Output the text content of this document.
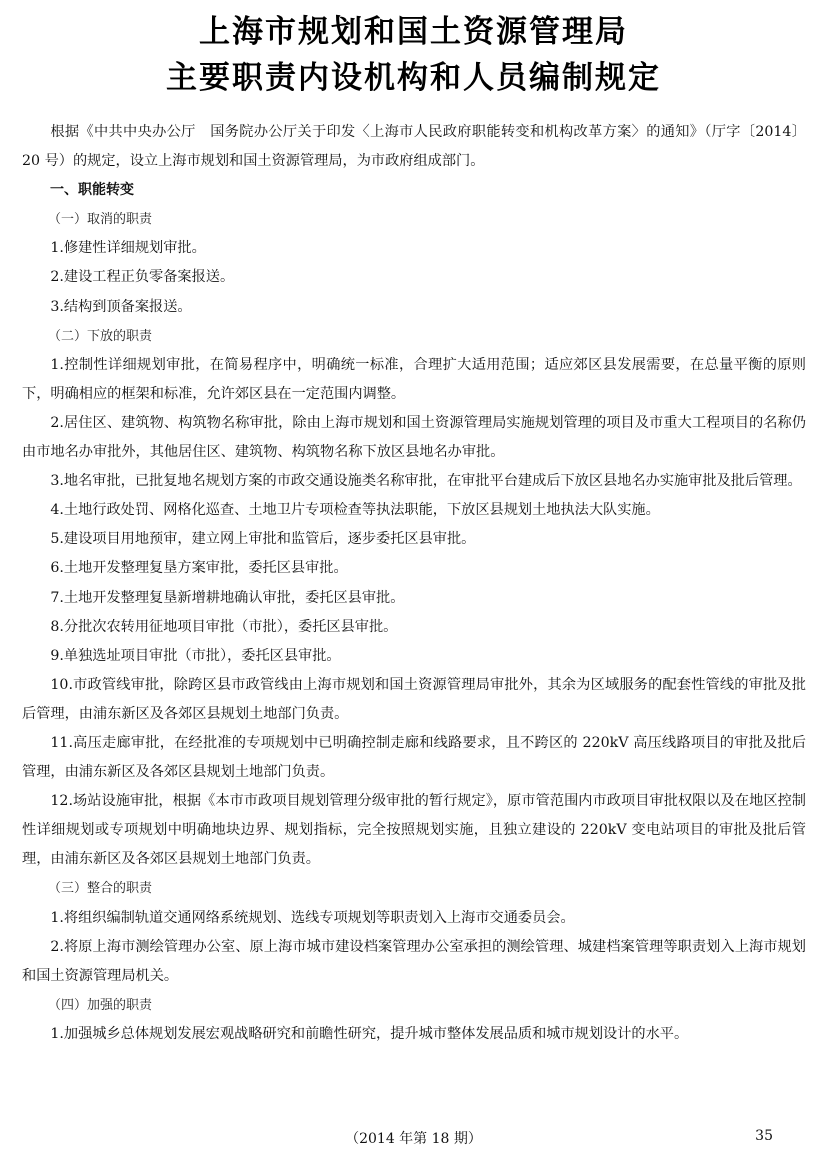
上海市规划和国土资源管理局
主要职责内设机构和人员编制规定

根据《中共中央办公厅　国务院办公厅关于印发〈上海市人民政府职能转变和机构改革方案〉的通知》（厅字〔2014〕20 号）的规定，设立上海市规划和国土资源管理局，为市政府组成部门。

一、职能转变

（一）取消的职责

1.修建性详细规划审批。

2.建设工程正负零备案报送。

3.结构到顶备案报送。

（二）下放的职责

1.控制性详细规划审批，在简易程序中，明确统一标准，合理扩大适用范围；适应郊区县发展需要，在总量平衡的原则下，明确相应的框架和标准，允许郊区县在一定范围内调整。

2.居住区、建筑物、构筑物名称审批，除由上海市规划和国土资源管理局实施规划管理的项目及市重大工程项目的名称仍由市地名办审批外，其他居住区、建筑物、构筑物名称下放区县地名办审批。

3.地名审批，已批复地名规划方案的市政交通设施类名称审批，在审批平台建成后下放区县地名办实施审批及批后管理。

4.土地行政处罚、网格化巡查、土地卫片专项检查等执法职能，下放区县规划土地执法大队实施。

5.建设项目用地预审，建立网上审批和监管后，逐步委托区县审批。

6.土地开发整理复垦方案审批，委托区县审批。

7.土地开发整理复垦新增耕地确认审批，委托区县审批。

8.分批次农转用征地项目审批（市批），委托区县审批。

9.单独选址项目审批（市批），委托区县审批。

10.市政管线审批，除跨区县市政管线由上海市规划和国土资源管理局审批外，其余为区域服务的配套性管线的审批及批后管理，由浦东新区及各郊区县规划土地部门负责。

11.高压走廊审批，在经批准的专项规划中已明确控制走廊和线路要求，且不跨区的 220kV 高压线路项目的审批及批后管理，由浦东新区及各郊区县规划土地部门负责。

12.场站设施审批，根据《本市市政项目规划管理分级审批的暂行规定》，原市管范围内市政项目审批权限以及在地区控制性详细规划或专项规划中明确地块边界、规划指标，完全按照规划实施，且独立建设的 220kV 变电站项目的审批及批后管理，由浦东新区及各郊区县规划土地部门负责。

（三）整合的职责

1.将组织编制轨道交通网络系统规划、选线专项规划等职责划入上海市交通委员会。

2.将原上海市测绘管理办公室、原上海市城市建设档案管理办公室承担的测绘管理、城建档案管理等职责划入上海市规划和国土资源管理局机关。

（四）加强的职责

1.加强城乡总体规划发展宏观战略研究和前瞻性研究，提升城市整体发展品质和城市规划设计的水平。

（2014 年第 18 期）	35
